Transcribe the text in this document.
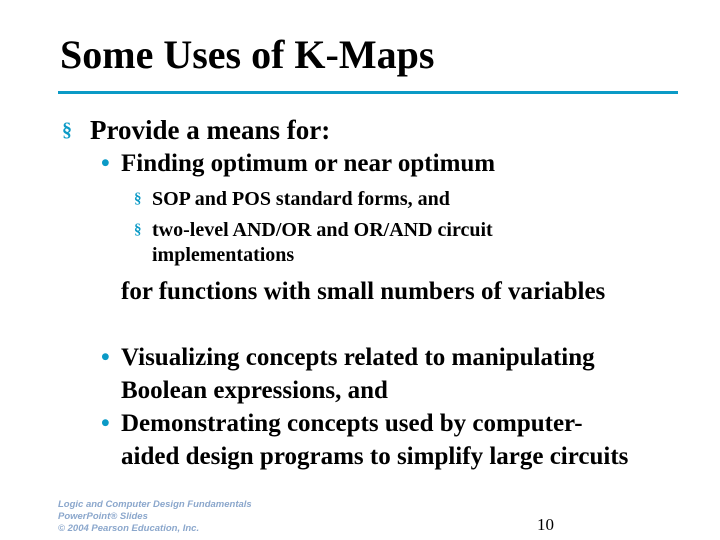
Some Uses of K-Maps
§ Provide a means for:
• Finding optimum or near optimum
§ SOP and POS standard forms, and
§ two-level AND/OR and OR/AND circuit implementations
for functions with small numbers of variables
• Visualizing concepts related to manipulating Boolean expressions, and
• Demonstrating concepts used by computer-aided design programs to simplify large circuits
Logic and Computer Design Fundamentals
PowerPoint® Slides
© 2004 Pearson Education, Inc.	10
